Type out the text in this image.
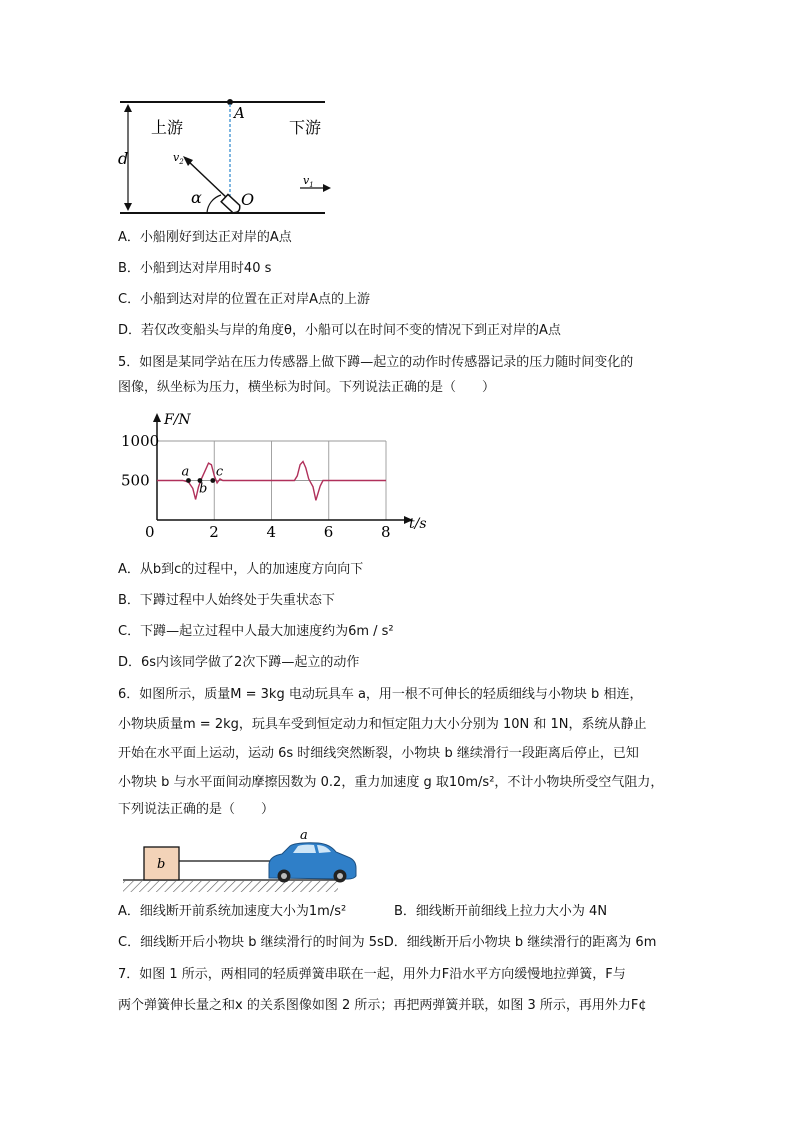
A
上游	下游
d	$v_2$
$v_1$
α O
A．小船刚好到达正对岸的A点
B．小船到达对岸用时40 s
C．小船到达对岸的位置在正对岸A点的上游
D．若仅改变船头与岸的角度θ，小船可以在时间不变的情况下到正对岸的A点
5．如图是某同学站在压力传感器上做下蹲—起立的动作时传感器记录的压力随时间变化的
图像，纵坐标为压力，横坐标为时间。下列说法正确的是（　　）
F/N
t/s
2	4	6	8
1000
500
0
a
b
c
A．从b到c的过程中，人的加速度方向向下
B．下蹲过程中人始终处于失重状态下
C．下蹲—起立过程中人最大加速度约为6m / s²
D．6s内该同学做了2次下蹲—起立的动作
6．如图所示，质量M = 3kg 电动玩具车 a，用一根不可伸长的轻质细线与小物块 b 相连，
小物块质量m = 2kg，玩具车受到恒定动力和恒定阻力大小分别为 10N 和 1N，系统从静止
开始在水平面上运动，运动 6s 时细线突然断裂，小物块 b 继续滑行一段距离后停止，已知
小物块 b 与水平面间动摩擦因数为 0.2，重力加速度 g 取10m/s²，不计小物块所受空气阻力，
下列说法正确的是（　　）
b
a
A．细线断开前系统加速度大小为1m/s²	B．细线断开前细线上拉力大小为 4N
C．细线断开后小物块 b 继续滑行的时间为 5sD．细线断开后小物块 b 继续滑行的距离为 6m
7．如图 1 所示，两相同的轻质弹簧串联在一起，用外力F沿水平方向缓慢地拉弹簧，F与
两个弹簧伸长量之和x 的关系图像如图 2 所示；再把两弹簧并联，如图 3 所示，再用外力F¢
